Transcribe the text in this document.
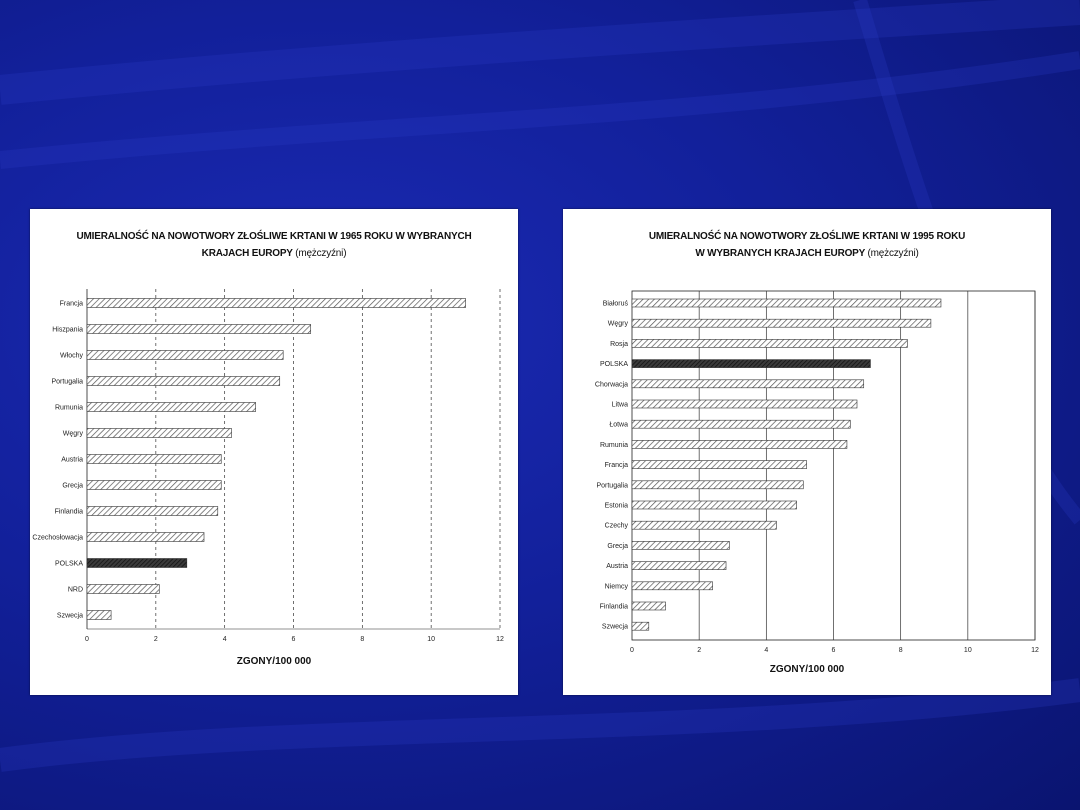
0	2	4	6	8	10	12
Francja
Hiszpania
Włochy
Portugalia
Rumunia
Węgry
Austria
Grecja
Finlandia
Czechosłowacja
POLSKA
NRD
Szwecja
UMIERALNOŚĆ NA NOWOTWORY ZŁOŚLIWE KRTANI W 1965 ROKU W WYBRANYCH
KRAJACH EUROPY (mężczyźni)
ZGONY/100 000
0	2	4	6	8	10	12
Białoruś
Węgry
Rosja
POLSKA
Chorwacja
Litwa
Łotwa
Rumunia
Francja
Portugalia
Estonia
Czechy
Grecja
Austria
Niemcy
Finlandia
Szwecja
UMIERALNOŚĆ NA NOWOTWORY ZŁOŚLIWE KRTANI W 1995 ROKU
W WYBRANYCH KRAJACH EUROPY (mężczyźni)
ZGONY/100 000
